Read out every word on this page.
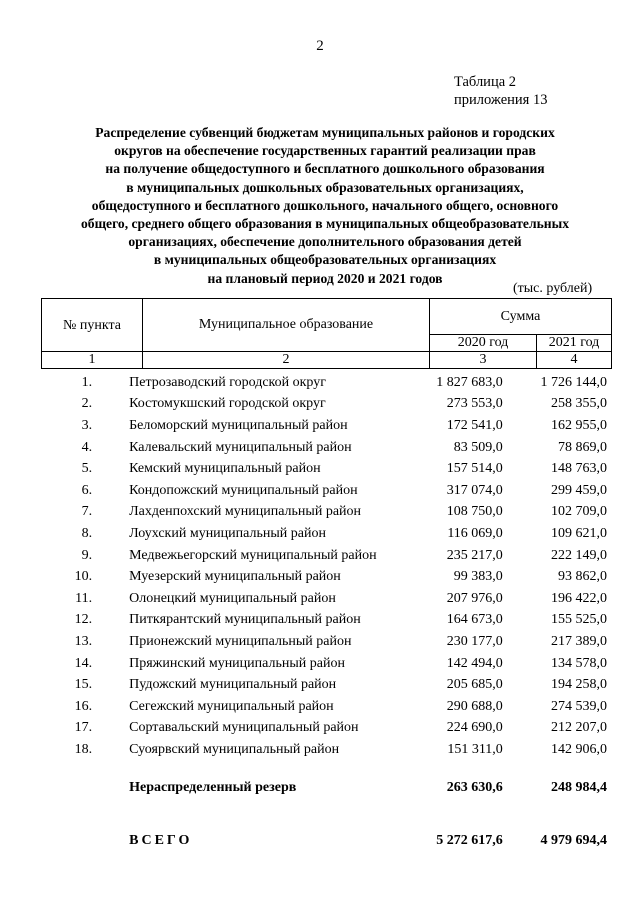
2
Таблица 2
приложения 13
Распределение субвенций бюджетам муниципальных районов и городских
округов на обеспечение государственных гарантий реализации прав
на получение общедоступного и бесплатного дошкольного образования
в муниципальных дошкольных образовательных организациях,
общедоступного и бесплатного дошкольного, начального общего, основного
общего, среднего общего образования в муниципальных общеобразовательных
организациях, обеспечение дополнительного образования детей
в муниципальных общеобразовательных организациях
на плановый период 2020 и 2021 годов
(тыс. рублей)
№ пункта	Муниципальное образование	Сумма	
		2020 год	2021 год
1	2	3	4
1.	Петрозаводский городской округ	1 827 683,0	1 726 144,0
2.	Костомукшский городской округ	273 553,0	258 355,0
3.	Беломорский муниципальный район	172 541,0	162 955,0
4.	Калевальский муниципальный район	83 509,0	78 869,0
5.	Кемский муниципальный район	157 514,0	148 763,0
6.	Кондопожский муниципальный район	317 074,0	299 459,0
7.	Лахденпохский муниципальный район	108 750,0	102 709,0
8.	Лоухский муниципальный район	116 069,0	109 621,0
9.	Медвежьегорский муниципальный район	235 217,0	222 149,0
10.	Муезерский муниципальный район	99 383,0	93 862,0
11.	Олонецкий муниципальный район	207 976,0	196 422,0
12.	Питкярантский муниципальный район	164 673,0	155 525,0
13.	Прионежский муниципальный район	230 177,0	217 389,0
14.	Пряжинский муниципальный район	142 494,0	134 578,0
15.	Пудожский муниципальный район	205 685,0	194 258,0
16.	Сегежский муниципальный район	290 688,0	274 539,0
17.	Сортавальский муниципальный район	224 690,0	212 207,0
18.	Суоярвский муниципальный район	151 311,0	142 906,0
	Нераспределенный резерв	263 630,6	248 984,4
	ВСЕГО	5 272 617,6	4 979 694,4
